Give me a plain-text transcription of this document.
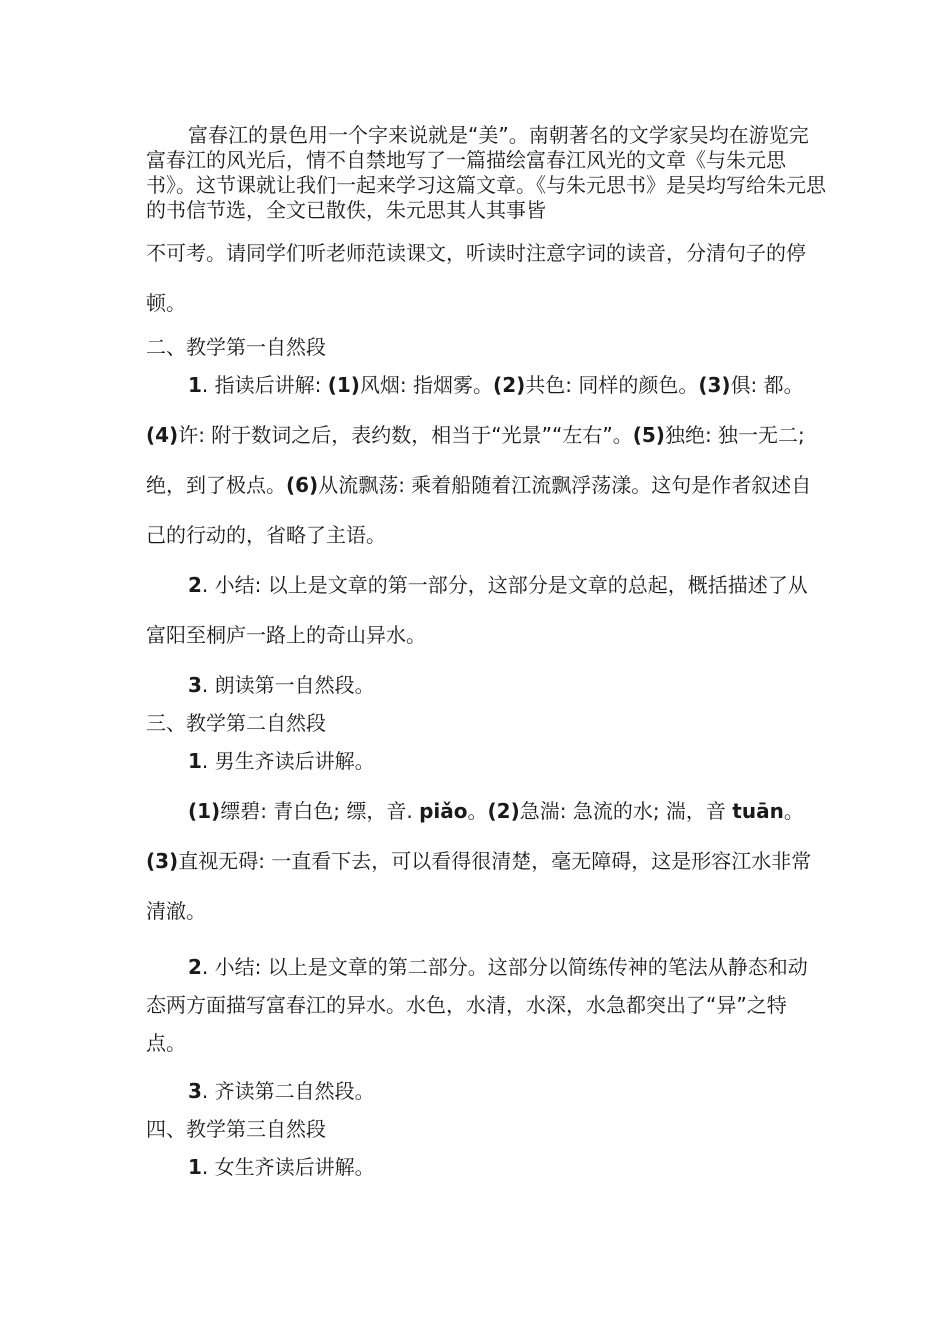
富春江的景色用一个字来说就是“美”。南朝著名的文学家吴均在游览完富春江的风光后，情不自禁地写了一篇描绘富春江风光的文章《与朱元思书》。这节课就让我们一起来学习这篇文章。《与朱元思书》是吴均写给朱元思的书信节选，全文已散佚，朱元思其人其事皆

不可考。请同学们听老师范读课文，听读时注意字词的读音，分清句子的停顿。

二、教学第一自然段

1. 指读后讲解: (1)风烟: 指烟雾。(2)共色: 同样的颜色。(3)俱: 都。(4)许: 附于数词之后，表约数，相当于“光景”“左右”。(5)独绝: 独一无二; 绝，到了极点。(6)从流飘荡: 乘着船随着江流飘浮荡漾。这句是作者叙述自己的行动的，省略了主语。

2. 小结: 以上是文章的第一部分，这部分是文章的总起，概括描述了从富阳至桐庐一路上的奇山异水。

3. 朗读第一自然段。

三、教学第二自然段

1. 男生齐读后讲解。

(1)缥碧: 青白色; 缥，音. piǎo。(2)急湍: 急流的水; 湍，音 tuān。(3)直视无碍: 一直看下去，可以看得很清楚，毫无障碍，这是形容江水非常清澈。

2. 小结: 以上是文章的第二部分。这部分以简练传神的笔法从静态和动态两方面描写富春江的异水。水色，水清，水深，水急都突出了“异”之特点。

3. 齐读第二自然段。

四、教学第三自然段

1. 女生齐读后讲解。
